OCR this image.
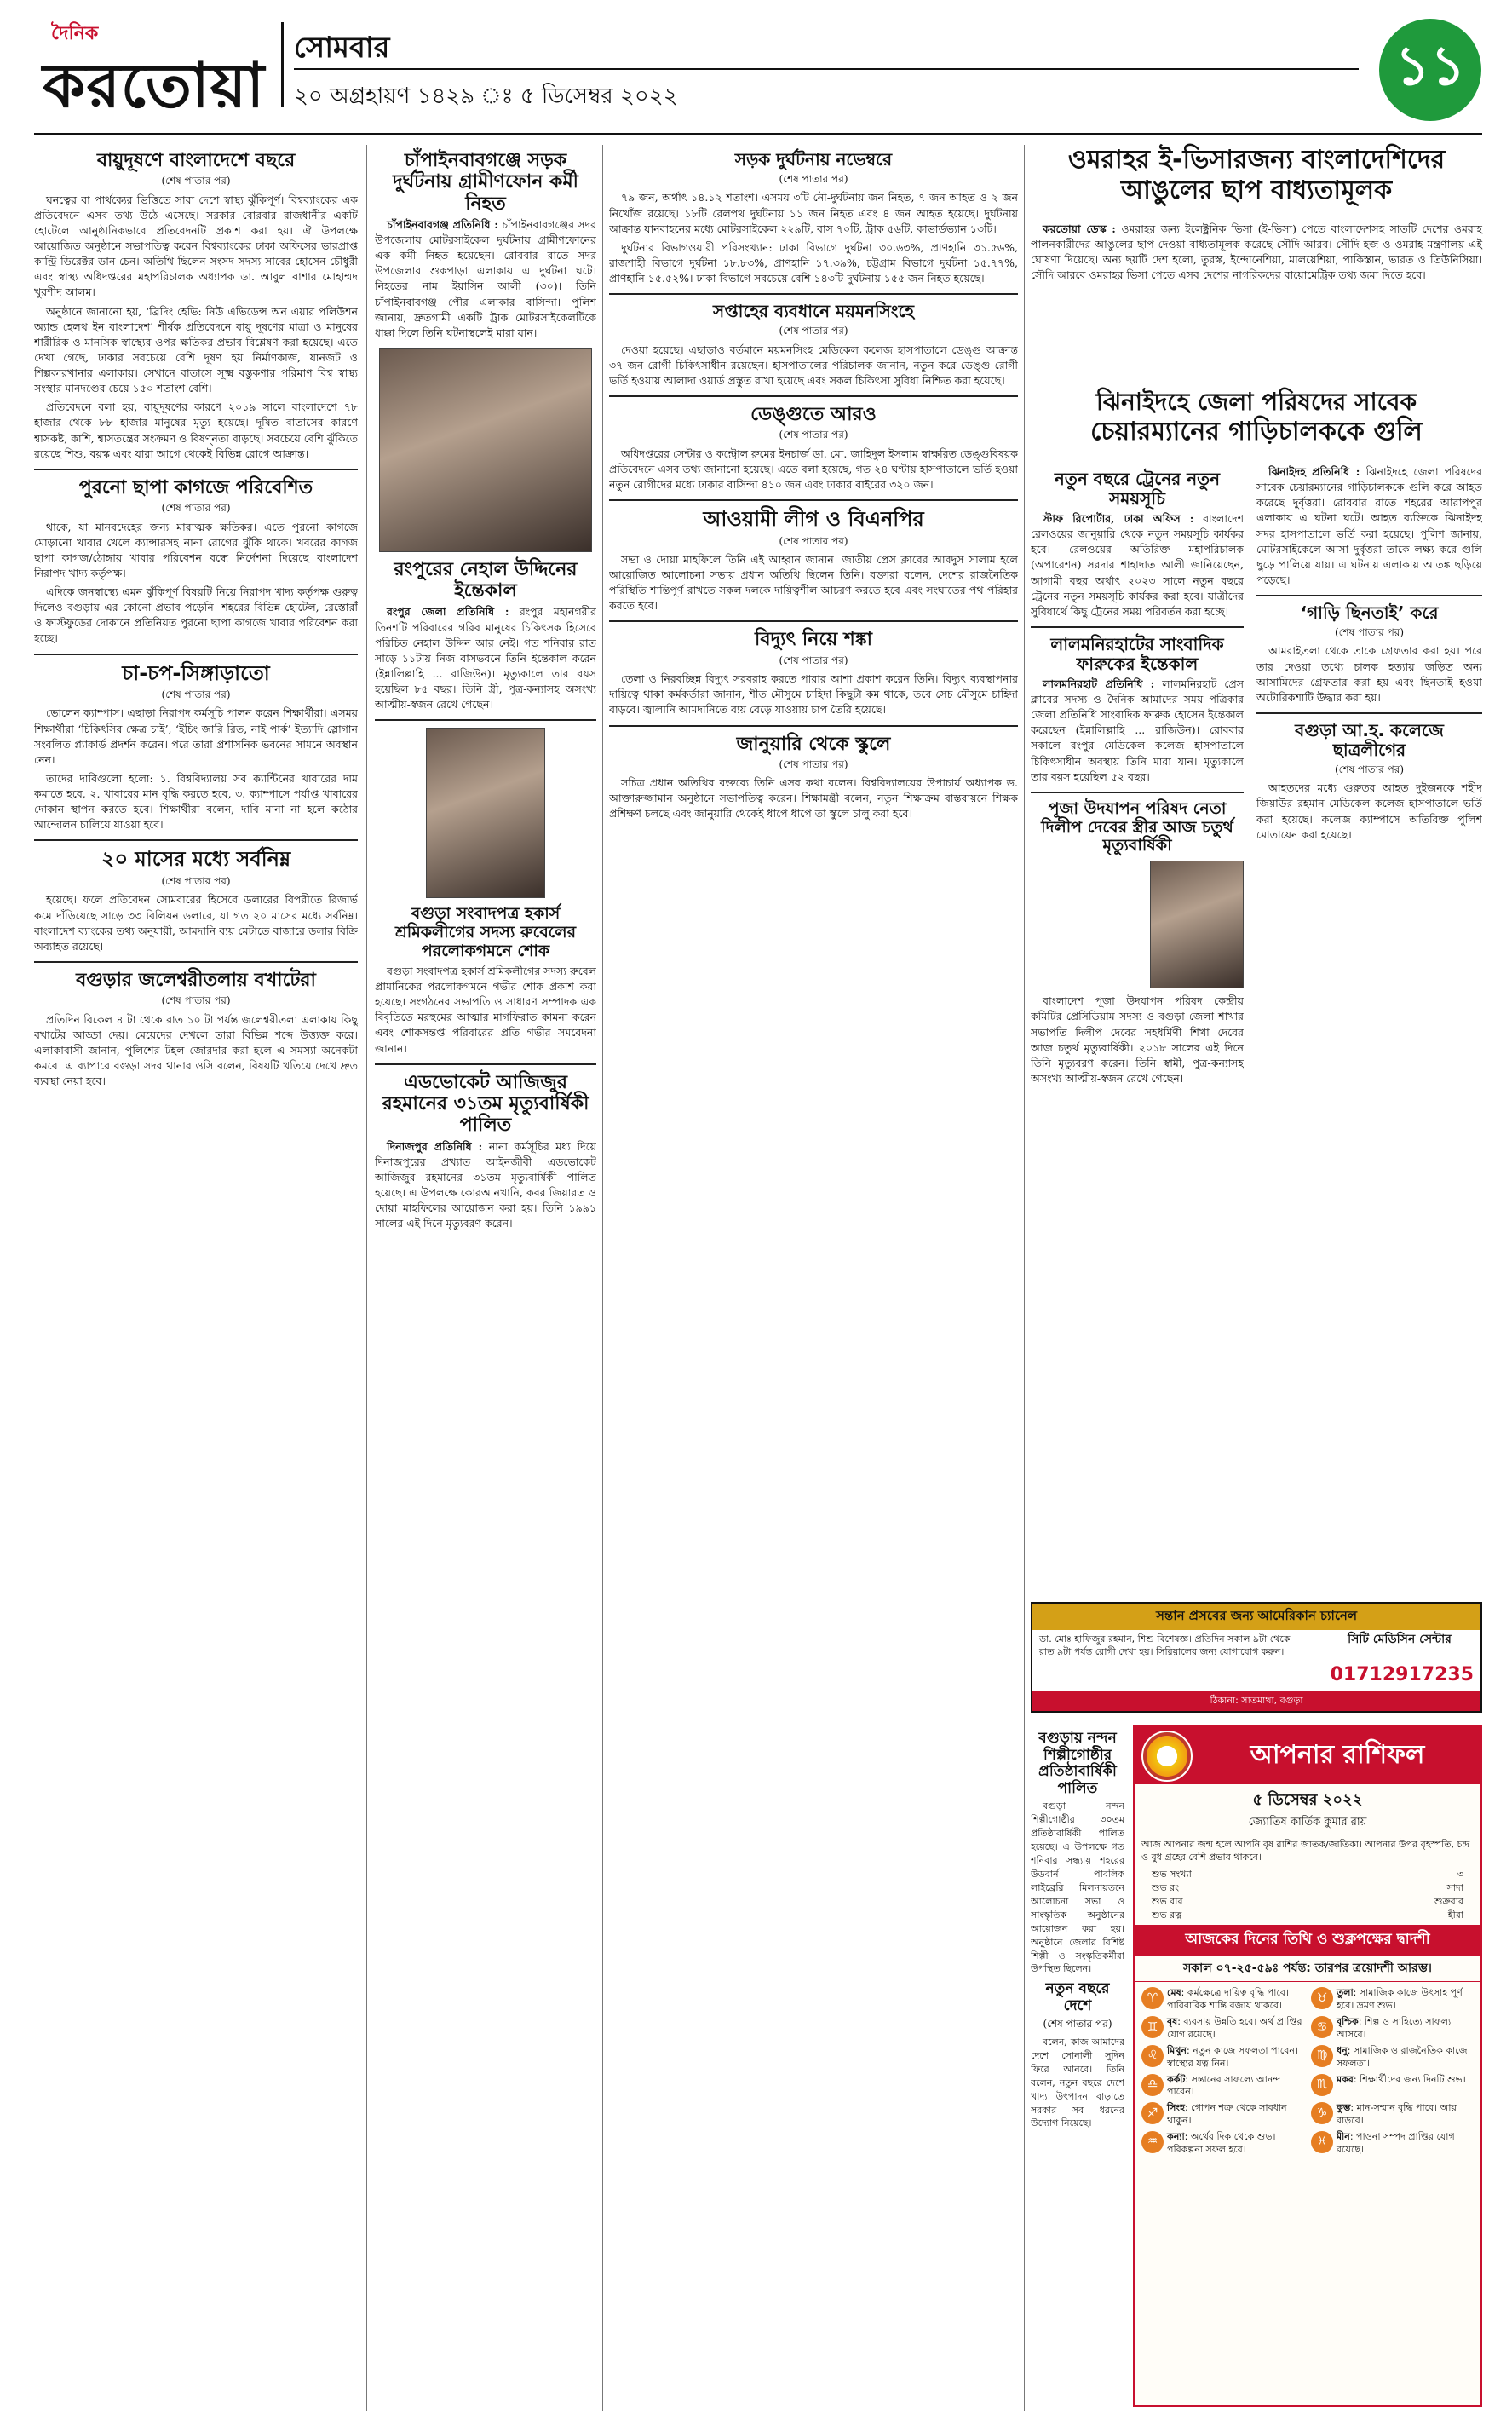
দৈনিক
করতোয়া
সোমবার
২০ অগ্রহায়ণ ১৪২৯ ঃ ৫ ডিসেম্বর ২০২২	১১
বায়ুদূষণে বাংলাদেশে বছরে
(শেষ পাতার পর)

ঘনত্বের বা পার্থক্যের ভিত্তিতে সারা দেশে স্বাস্থ্য ঝুঁকিপূর্ণ। বিশ্বব্যাংকের এক প্রতিবেদনে এসব তথ্য উঠে এসেছে। সরকার বোরবার রাজধানীর একটি হোটেলে আনুষ্ঠানিকভাবে প্রতিবেদনটি প্রকাশ করা হয়। ঐ উপলক্ষে আয়োজিত অনুষ্ঠানে সভাপতিত্ব করেন বিশ্বব্যাংকের ঢাকা অফিসের ভারপ্রাপ্ত কান্ট্রি ডিরেক্টর ডান চেন। অতিথি ছিলেন সংসদ সদস্য সাবের হোসেন চৌধুরী এবং স্বাস্থ্য অধিদপ্তরের মহাপরিচালক অধ্যাপক ডা. আবুল বাশার মোহাম্মদ খুরশীদ আলম।

অনুষ্ঠানে জানানো হয়, ‘ব্রিদিং হেভি: নিউ এভিডেন্স অন এয়ার পলিউশন অ্যান্ড হেলথ ইন বাংলাদেশ’ শীর্ষক প্রতিবেদনে বায়ু দূষণের মাত্রা ও মানুষের শারীরিক ও মানসিক স্বাস্থ্যের ওপর ক্ষতিকর প্রভাব বিশ্লেষণ করা হয়েছে। এতে দেখা গেছে, ঢাকার সবচেয়ে বেশি দূষণ হয় নির্মাণকাজ, যানজট ও শিল্পকারখানার এলাকায়। সেখানে বাতাসে সূক্ষ্ম বস্তুকণার পরিমাণ বিশ্ব স্বাস্থ্য সংস্থার মানদণ্ডের চেয়ে ১৫০ শতাংশ বেশি।

প্রতিবেদনে বলা হয়, বায়ুদূষণের কারণে ২০১৯ সালে বাংলাদেশে ৭৮ হাজার থেকে ৮৮ হাজার মানুষের মৃত্যু হয়েছে। দূষিত বাতাসের কারণে শ্বাসকষ্ট, কাশি, শ্বাসতন্ত্রের সংক্রমণ ও বিষণ্নতা বাড়ছে। সবচেয়ে বেশি ঝুঁকিতে রয়েছে শিশু, বয়স্ক এবং যারা আগে থেকেই বিভিন্ন রোগে আক্রান্ত।

পুরনো ছাপা কাগজে পরিবেশিত
(শেষ পাতার পর)

থাকে, যা মানবদেহের জন্য মারাত্মক ক্ষতিকর। এতে পুরনো কাগজে মোড়ানো খাবার খেলে ক্যান্সারসহ নানা রোগের ঝুঁকি থাকে। খবরের কাগজ ছাপা কাগজ/ঠোঙ্গায় খাবার পরিবেশন বন্ধে নির্দেশনা দিয়েছে বাংলাদেশ নিরাপদ খাদ্য কর্তৃপক্ষ।

এদিকে জনস্বাস্থ্যে এমন ঝুঁকিপূর্ণ বিষয়টি নিয়ে নিরাপদ খাদ্য কর্তৃপক্ষ গুরুত্ব দিলেও বগুড়ায় এর কোনো প্রভাব পড়েনি। শহরের বিভিন্ন হোটেল, রেস্তোরাঁ ও ফাস্টফুডের দোকানে প্রতিনিয়ত পুরনো ছাপা কাগজে খাবার পরিবেশন করা হচ্ছে।

চা-চপ-সিঙ্গাড়াতো
(শেষ পাতার পর)

ভোলেন ক্যাম্পাস। এছাড়া নিরাপদ কর্মসূচি পালন করেন শিক্ষার্থীরা। এসময় শিক্ষার্থীরা ‘চিকিৎসির ক্ষেত্র চাই’, ‘ইচিং জারি রিত, নাই পার্ক’ ইত্যাদি স্লোগান সংবলিত প্ল্যাকার্ড প্রদর্শন করেন। পরে তারা প্রশাসনিক ভবনের সামনে অবস্থান নেন।

তাদের দাবিগুলো হলো: ১. বিশ্ববিদ্যালয় সব ক্যান্টিনের খাবারের দাম কমাতে হবে, ২. খাবারের মান বৃদ্ধি করতে হবে, ৩. ক্যাম্পাসে পর্যাপ্ত খাবারের দোকান স্থাপন করতে হবে। শিক্ষার্থীরা বলেন, দাবি মানা না হলে কঠোর আন্দোলন চালিয়ে যাওয়া হবে।

২০ মাসের মধ্যে সর্বনিম্ন
(শেষ পাতার পর)

হয়েছে। ফলে প্রতিবেদন সোমবারের হিসেবে ডলারের বিপরীতে রিজার্ভ কমে দাঁড়িয়েছে সাড়ে ৩৩ বিলিয়ন ডলারে, যা গত ২০ মাসের মধ্যে সর্বনিম্ন। বাংলাদেশ ব্যাংকের তথ্য অনুযায়ী, আমদানি ব্যয় মেটাতে বাজারে ডলার বিক্রি অব্যাহত রয়েছে।

বগুড়ার জলেশ্বরীতলায় বখাটেরা
(শেষ পাতার পর)

প্রতিদিন বিকেল ৪ টা থেকে রাত ১০ টা পর্যন্ত জলেশ্বরীতলা এলাকায় কিছু বখাটের আড্ডা দেয়। মেয়েদের দেখলে তারা বিভিন্ন শব্দে উত্ত্যক্ত করে। এলাকাবাসী জানান, পুলিশের টহল জোরদার করা হলে এ সমস্যা অনেকটা কমবে। এ ব্যাপারে বগুড়া সদর থানার ওসি বলেন, বিষয়টি খতিয়ে দেখে দ্রুত ব্যবস্থা নেয়া হবে।

চাঁপাইনবাবগঞ্জে সড়ক দুর্ঘটনায় গ্রামীণফোন কর্মী নিহত

চাঁপাইনবাবগঞ্জ প্রতিনিধি : চাঁপাইনবাবগঞ্জের সদর উপজেলায় মোটরসাইকেল দুর্ঘটনায় গ্রামীণফোনের এক কর্মী নিহত হয়েছেন। রোববার রাতে সদর উপজেলার শুকপাড়া এলাকায় এ দুর্ঘটনা ঘটে। নিহতের নাম ইয়াসিন আলী (৩০)। তিনি চাঁপাইনবাবগঞ্জ পৌর এলাকার বাসিন্দা। পুলিশ জানায়, দ্রুতগামী একটি ট্রাক মোটরসাইকেলটিকে ধাক্কা দিলে তিনি ঘটনাস্থলেই মারা যান।

রংপুরের নেহাল উদ্দিনের ইন্তেকাল

রংপুর জেলা প্রতিনিধি : রংপুর মহানগরীর তিনশটি পরিবারের গরিব মানুষের চিকিৎসক হিসেবে পরিচিত নেহাল উদ্দিন আর নেই। গত শনিবার রাত সাড়ে ১১টায় নিজ বাসভবনে তিনি ইন্তেকাল করেন (ইন্নালিল্লাহি ... রাজিউন)। মৃত্যুকালে তার বয়স হয়েছিল ৮৫ বছর। তিনি স্ত্রী, পুত্র-কন্যাসহ অসংখ্য আত্মীয়-স্বজন রেখে গেছেন।

বগুড়া সংবাদপত্র হকার্স শ্রমিকলীগের সদস্য রুবেলের পরলোকগমনে শোক

বগুড়া সংবাদপত্র হকার্স শ্রমিকলীগের সদস্য রুবেল প্রামানিকের পরলোকগমনে গভীর শোক প্রকাশ করা হয়েছে। সংগঠনের সভাপতি ও সাধারণ সম্পাদক এক বিবৃতিতে মরহুমের আত্মার মাগফিরাত কামনা করেন এবং শোকসন্তপ্ত পরিবারের প্রতি গভীর সমবেদনা জানান।

এডভোকেট আজিজুর রহমানের ৩১তম মৃত্যুবার্ষিকী পালিত

দিনাজপুর প্রতিনিধি : নানা কর্মসূচির মধ্য দিয়ে দিনাজপুরের প্রখ্যাত আইনজীবী এডভোকেট আজিজুর রহমানের ৩১তম মৃত্যুবার্ষিকী পালিত হয়েছে। এ উপলক্ষে কোরআনখানি, কবর জিয়ারত ও দোয়া মাহফিলের আয়োজন করা হয়। তিনি ১৯৯১ সালের এই দিনে মৃত্যুবরণ করেন।

সড়ক দুর্ঘটনায় নভেম্বরে
(শেষ পাতার পর)

৭৯ জন, অর্থাৎ ১৪.১২ শতাংশ। এসময় ৩টি নৌ-দুর্ঘটনায় জন নিহত, ৭ জন আহত ও ২ জন নিখোঁজ রয়েছে। ১৮টি রেলপথ দুর্ঘটনায় ১১ জন নিহত এবং ৪ জন আহত হয়েছে। দুর্ঘটনায় আক্রান্ত যানবাহনের মধ্যে মোটরসাইকেল ২২৯টি, বাস ৭০টি, ট্রাক ৫৬টি, কাভার্ডভ্যান ১৩টি।

দুর্ঘটনার বিভাগওয়ারী পরিসংখ্যান: ঢাকা বিভাগে দুর্ঘটনা ৩০.৬৩%, প্রাণহানি ৩১.৫৬%, রাজশাহী বিভাগে দুর্ঘটনা ১৮.৮৩%, প্রাণহানি ১৭.৩৯%, চট্টগ্রাম বিভাগে দুর্ঘটনা ১৫.৭৭%, প্রাণহানি ১৫.৫২%। ঢাকা বিভাগে সবচেয়ে বেশি ১৪৩টি দুর্ঘটনায় ১৫৫ জন নিহত হয়েছে।

সপ্তাহের ব্যবধানে ময়মনসিংহে
(শেষ পাতার পর)

দেওয়া হয়েছে। এছাড়াও বর্তমানে ময়মনসিংহ মেডিকেল কলেজ হাসপাতালে ডেঙ্গু আক্রান্ত ৩৭ জন রোগী চিকিৎসাধীন রয়েছেন। হাসপাতালের পরিচালক জানান, নতুন করে ডেঙ্গু রোগী ভর্তি হওয়ায় আলাদা ওয়ার্ড প্রস্তুত রাখা হয়েছে এবং সকল চিকিৎসা সুবিধা নিশ্চিত করা হয়েছে।

ডেঙ্গুতে আরও
(শেষ পাতার পর)

অধিদপ্তরের সেন্টার ও কন্ট্রোল রুমের ইনচার্জ ডা. মো. জাহিদুল ইসলাম স্বাক্ষরিত ডেঙ্গুবিষয়ক প্রতিবেদনে এসব তথ্য জানানো হয়েছে। এতে বলা হয়েছে, গত ২৪ ঘণ্টায় হাসপাতালে ভর্তি হওয়া নতুন রোগীদের মধ্যে ঢাকার বাসিন্দা ৪১০ জন এবং ঢাকার বাইরের ৩২০ জন।

আওয়ামী লীগ ও বিএনপির
(শেষ পাতার পর)

সভা ও দোয়া মাহফিলে তিনি এই আহ্বান জানান। জাতীয় প্রেস ক্লাবের আবদুস সালাম হলে আয়োজিত আলোচনা সভায় প্রধান অতিথি ছিলেন তিনি। বক্তারা বলেন, দেশের রাজনৈতিক পরিস্থিতি শান্তিপূর্ণ রাখতে সকল দলকে দায়িত্বশীল আচরণ করতে হবে এবং সংঘাতের পথ পরিহার করতে হবে।

বিদ্যুৎ নিয়ে শঙ্কা
(শেষ পাতার পর)

তেলা ও নিরবচ্ছিন্ন বিদ্যুৎ সরবরাহ করতে পারার আশা প্রকাশ করেন তিনি। বিদ্যুৎ ব্যবস্থাপনার দায়িত্বে থাকা কর্মকর্তারা জানান, শীত মৌসুমে চাহিদা কিছুটা কম থাকে, তবে সেচ মৌসুমে চাহিদা বাড়বে। জ্বালানি আমদানিতে ব্যয় বেড়ে যাওয়ায় চাপ তৈরি হয়েছে।

জানুয়ারি থেকে স্কুলে
(শেষ পাতার পর)

সচিত্র প্রধান অতিথির বক্তব্যে তিনি এসব কথা বলেন। বিশ্ববিদ্যালয়ের উপাচার্য অধ্যাপক ড. আক্তারুজ্জামান অনুষ্ঠানে সভাপতিত্ব করেন। শিক্ষামন্ত্রী বলেন, নতুন শিক্ষাক্রম বাস্তবায়নে শিক্ষক প্রশিক্ষণ চলছে এবং জানুয়ারি থেকেই ধাপে ধাপে তা স্কুলে চালু করা হবে।

ওমরাহর ই-ভিসারজন্য বাংলাদেশিদের
আঙুলের ছাপ বাধ্যতামূলক

করতোয়া ডেস্ক : ওমরাহর জন্য ইলেক্ট্রনিক ভিসা (ই-ভিসা) পেতে বাংলাদেশসহ সাতটি দেশের ওমরাহ পালনকারীদের আঙুলের ছাপ দেওয়া বাধ্যতামূলক করেছে সৌদি আরব। সৌদি হজ ও ওমরাহ মন্ত্রণালয় এই ঘোষণা দিয়েছে। অন্য ছয়টি দেশ হলো, তুরস্ক, ইন্দোনেশিয়া, মালয়েশিয়া, পাকিস্তান, ভারত ও তিউনিসিয়া। সৌদি আরবে ওমরাহর ভিসা পেতে এসব দেশের নাগরিকদের বায়োমেট্রিক তথ্য জমা দিতে হবে।

ঝিনাইদহে জেলা পরিষদের সাবেক
চেয়ারম্যানের গাড়িচালককে গুলি
নতুন বছরে ট্রেনের নতুন সময়সূচি

স্টাফ রিপোর্টার, ঢাকা অফিস : বাংলাদেশ রেলওয়ের জানুয়ারি থেকে নতুন সময়সূচি কার্যকর হবে। রেলওয়ের অতিরিক্ত মহাপরিচালক (অপারেশন) সরদার শাহাদাত আলী জানিয়েছেন, আগামী বছর অর্থাৎ ২০২৩ সালে নতুন বছরে ট্রেনের নতুন সময়সূচি কার্যকর করা হবে। যাত্রীদের সুবিধার্থে কিছু ট্রেনের সময় পরিবর্তন করা হচ্ছে।

লালমনিরহাটের সাংবাদিক ফারুকের ইন্তেকাল

লালমনিরহাট প্রতিনিধি : লালমনিরহাট প্রেস ক্লাবের সদস্য ও দৈনিক আমাদের সময় পত্রিকার জেলা প্রতিনিধি সাংবাদিক ফারুক হোসেন ইন্তেকাল করেছেন (ইন্নালিল্লাহি ... রাজিউন)। রোববার সকালে রংপুর মেডিকেল কলেজ হাসপাতালে চিকিৎসাধীন অবস্থায় তিনি মারা যান। মৃত্যুকালে তার বয়স হয়েছিল ৫২ বছর।

পূজা উদযাপন পরিষদ নেতা দিলীপ দেবের স্ত্রীর আজ চতুর্থ মৃত্যুবার্ষিকী

বাংলাদেশ পূজা উদযাপন পরিষদ কেন্দ্রীয় কমিটির প্রেসিডিয়াম সদস্য ও বগুড়া জেলা শাখার সভাপতি দিলীপ দেবের সহধর্মিণী শিখা দেবের আজ চতুর্থ মৃত্যুবার্ষিকী। ২০১৮ সালের এই দিনে তিনি মৃত্যুবরণ করেন। তিনি স্বামী, পুত্র-কন্যাসহ অসংখ্য আত্মীয়-স্বজন রেখে গেছেন।

ঝিনাইদহ প্রতিনিধি : ঝিনাইদহে জেলা পরিষদের সাবেক চেয়ারম্যানের গাড়িচালককে গুলি করে আহত করেছে দুর্বৃত্তরা। রোববার রাতে শহরের আরাপপুর এলাকায় এ ঘটনা ঘটে। আহত ব্যক্তিকে ঝিনাইদহ সদর হাসপাতালে ভর্তি করা হয়েছে। পুলিশ জানায়, মোটরসাইকেলে আসা দুর্বৃত্তরা তাকে লক্ষ্য করে গুলি ছুড়ে পালিয়ে যায়। এ ঘটনায় এলাকায় আতঙ্ক ছড়িয়ে পড়েছে।

‘গাড়ি ছিনতাই’ করে
(শেষ পাতার পর)

আমরাইতলা থেকে তাকে গ্রেফতার করা হয়। পরে তার দেওয়া তথ্যে চালক হত্যায় জড়িত অন্য আসামিদের গ্রেফতার করা হয় এবং ছিনতাই হওয়া অটোরিকশাটি উদ্ধার করা হয়।

বগুড়া আ.হ. কলেজে ছাত্রলীগের
(শেষ পাতার পর)

আহতদের মধ্যে গুরুতর আহত দুইজনকে শহীদ জিয়াউর রহমান মেডিকেল কলেজ হাসপাতালে ভর্তি করা হয়েছে। কলেজ ক্যাম্পাসে অতিরিক্ত পুলিশ মোতায়েন করা হয়েছে।

সন্তান প্রসবের জন্য আমেরিকান চ্যানেল
ডা. মোঃ হাফিজুর রহমান, শিশু বিশেষজ্ঞ। প্রতিদিন সকাল ৯টা থেকে রাত ৯টা পর্যন্ত রোগী দেখা হয়। সিরিয়ালের জন্য যোগাযোগ করুন।
সিটি মেডিসিন সেন্টার
01712917235
ঠিকানা: সাতমাথা, বগুড়া
বগুড়ায় নন্দন শিল্পীগোষ্ঠীর প্রতিষ্ঠাবার্ষিকী পালিত

বগুড়া নন্দন শিল্পীগোষ্ঠীর ৩০তম প্রতিষ্ঠাবার্ষিকী পালিত হয়েছে। এ উপলক্ষে গত শনিবার সন্ধ্যায় শহরের উডবার্ন পাবলিক লাইব্রেরি মিলনায়তনে আলোচনা সভা ও সাংস্কৃতিক অনুষ্ঠানের আয়োজন করা হয়। অনুষ্ঠানে জেলার বিশিষ্ট শিল্পী ও সংস্কৃতিকর্মীরা উপস্থিত ছিলেন।

নতুন বছরে দেশে
(শেষ পাতার পর)

বলেন, কাজ আমাদের দেশে সোনালী সুদিন ফিরে আনবে। তিনি বলেন, নতুন বছরে দেশে খাদ্য উৎপাদন বাড়াতে সরকার সব ধরনের উদ্যোগ নিয়েছে।

আপনার রাশিফল
৫ ডিসেম্বর ২০২২
জ্যোতিষ কার্তিক কুমার রায়
আজ আপনার জন্ম হলে আপনি বৃষ রাশির জাতক/জাতিকা। আপনার উপর বৃহস্পতি, চন্দ্র ও বুধ গ্রহের বেশি প্রভাব থাকবে।
শুভ সংখ্যা	৩
শুভ রং	সাদা
শুভ বার	শুক্রবার
শুভ রত্ন	হীরা
আজকের দিনের তিথি ও শুক্লপক্ষের দ্বাদশী
সকাল ০৭-২৫-৫৯ঃ পর্যন্ত: তারপর ত্রয়োদশী আরম্ভ।
♈ মেষ: কর্মক্ষেত্রে দায়িত্ব বৃদ্ধি পাবে। পারিবারিক শান্তি বজায় থাকবে।
♉ তুলা: সামাজিক কাজে উৎসাহ পূর্ণ হবে। ভ্রমণ শুভ।
♊ বৃষ: ব্যবসায় উন্নতি হবে। অর্থ প্রাপ্তির যোগ রয়েছে।
♋ বৃশ্চিক: শিল্প ও সাহিত্যে সাফল্য আসবে।
♌ মিথুন: নতুন কাজে সফলতা পাবেন। স্বাস্থ্যের যত্ন নিন।
♍ ধনু: সামাজিক ও রাজনৈতিক কাজে সফলতা।
♎ কর্কট: সন্তানের সাফল্যে আনন্দ পাবেন।
♏ মকর: শিক্ষার্থীদের জন্য দিনটি শুভ।
♐ সিংহ: গোপন শত্রু থেকে সাবধান থাকুন।
♑ কুম্ভ: মান-সম্মান বৃদ্ধি পাবে। আয় বাড়বে।
♒ কন্যা: অর্থের দিক থেকে শুভ। পরিকল্পনা সফল হবে।
♓ মীন: পাওনা সম্পদ প্রাপ্তির যোগ রয়েছে।
